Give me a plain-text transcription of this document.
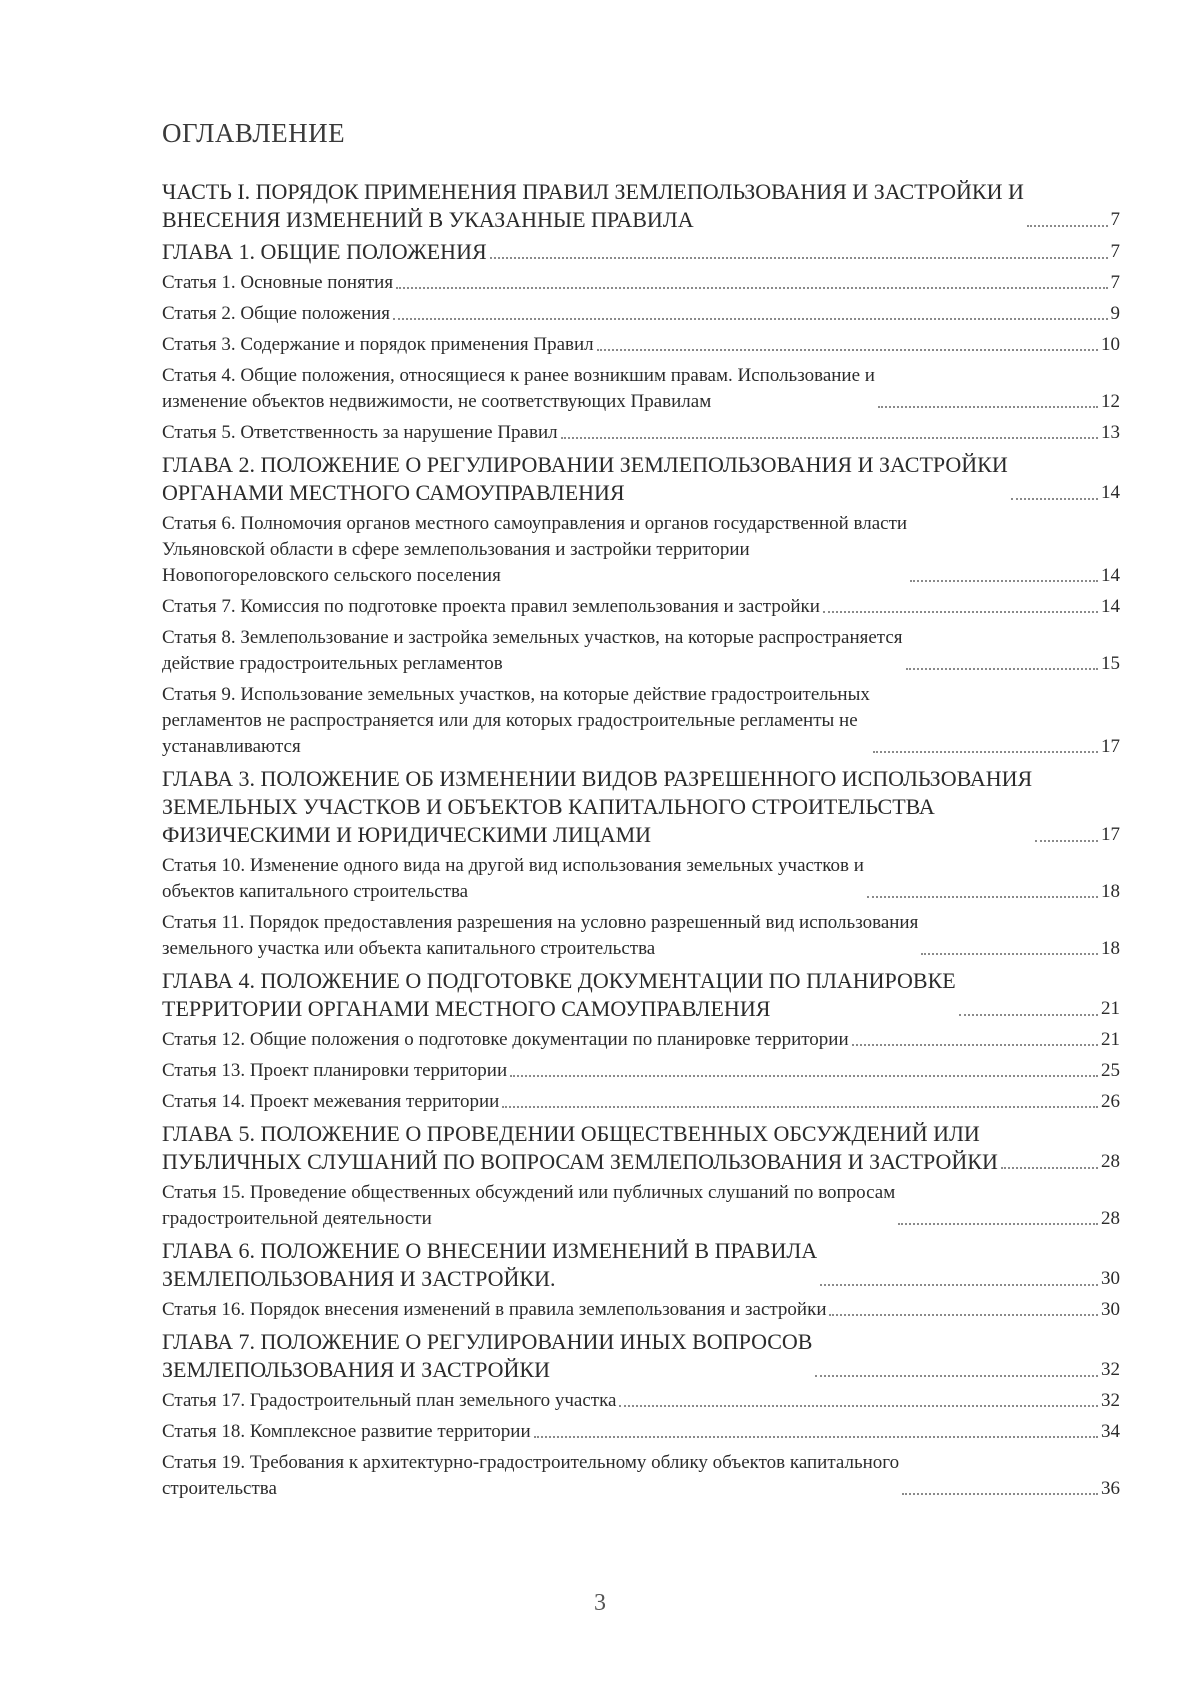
ОГЛАВЛЕНИЕ
ЧАСТЬ I. ПОРЯДОК ПРИМЕНЕНИЯ ПРАВИЛ ЗЕМЛЕПОЛЬЗОВАНИЯ И ЗАСТРОЙКИ И
ВНЕСЕНИЯ ИЗМЕНЕНИЙ В УКАЗАННЫЕ ПРАВИЛА	7
ГЛАВА 1. ОБЩИЕ ПОЛОЖЕНИЯ	7
Статья 1. Основные понятия	7
Статья 2. Общие положения	9
Статья 3. Содержание и порядок применения Правил	10
Статья 4. Общие положения, относящиеся к ранее возникшим правам. Использование и
изменение объектов недвижимости, не соответствующих Правилам	12
Статья 5. Ответственность за нарушение Правил	13
ГЛАВА 2. ПОЛОЖЕНИЕ О РЕГУЛИРОВАНИИ ЗЕМЛЕПОЛЬЗОВАНИЯ И ЗАСТРОЙКИ
ОРГАНАМИ МЕСТНОГО САМОУПРАВЛЕНИЯ	14
Статья 6. Полномочия органов местного самоуправления и органов государственной власти
Ульяновской области в сфере землепользования и застройки территории
Новопогореловского сельского поселения	14
Статья 7. Комиссия по подготовке проекта правил землепользования и застройки	14
Статья 8. Землепользование и застройка земельных участков, на которые распространяется
действие градостроительных регламентов	15
Статья 9. Использование земельных участков, на которые действие градостроительных
регламентов не распространяется или для которых градостроительные регламенты не
устанавливаются	17
ГЛАВА 3. ПОЛОЖЕНИЕ ОБ ИЗМЕНЕНИИ ВИДОВ РАЗРЕШЕННОГО ИСПОЛЬЗОВАНИЯ
ЗЕМЕЛЬНЫХ УЧАСТКОВ И ОБЪЕКТОВ КАПИТАЛЬНОГО СТРОИТЕЛЬСТВА
ФИЗИЧЕСКИМИ И ЮРИДИЧЕСКИМИ ЛИЦАМИ	17
Статья 10. Изменение одного вида на другой вид использования земельных участков и
объектов капитального строительства	18
Статья 11. Порядок предоставления разрешения на условно разрешенный вид использования
земельного участка или объекта капитального строительства	18
ГЛАВА 4. ПОЛОЖЕНИЕ О ПОДГОТОВКЕ ДОКУМЕНТАЦИИ ПО ПЛАНИРОВКЕ
ТЕРРИТОРИИ ОРГАНАМИ МЕСТНОГО САМОУПРАВЛЕНИЯ	21
Статья 12. Общие положения о подготовке документации по планировке территории	21
Статья 13. Проект планировки территории	25
Статья 14. Проект межевания территории	26
ГЛАВА 5. ПОЛОЖЕНИЕ О ПРОВЕДЕНИИ ОБЩЕСТВЕННЫХ ОБСУЖДЕНИЙ ИЛИ
ПУБЛИЧНЫХ СЛУШАНИЙ ПО ВОПРОСАМ ЗЕМЛЕПОЛЬЗОВАНИЯ И ЗАСТРОЙКИ	28
Статья 15. Проведение общественных обсуждений или публичных слушаний по вопросам
градостроительной деятельности	28
ГЛАВА 6. ПОЛОЖЕНИЕ О ВНЕСЕНИИ ИЗМЕНЕНИЙ В ПРАВИЛА
ЗЕМЛЕПОЛЬЗОВАНИЯ И ЗАСТРОЙКИ.	30
Статья 16. Порядок внесения изменений в правила землепользования и застройки	30
ГЛАВА 7. ПОЛОЖЕНИЕ О РЕГУЛИРОВАНИИ ИНЫХ ВОПРОСОВ
ЗЕМЛЕПОЛЬЗОВАНИЯ И ЗАСТРОЙКИ	32
Статья 17. Градостроительный план земельного участка	32
Статья 18. Комплексное развитие территории	34
Статья 19. Требования к архитектурно-градостроительному облику объектов капитального
строительства	36
3
